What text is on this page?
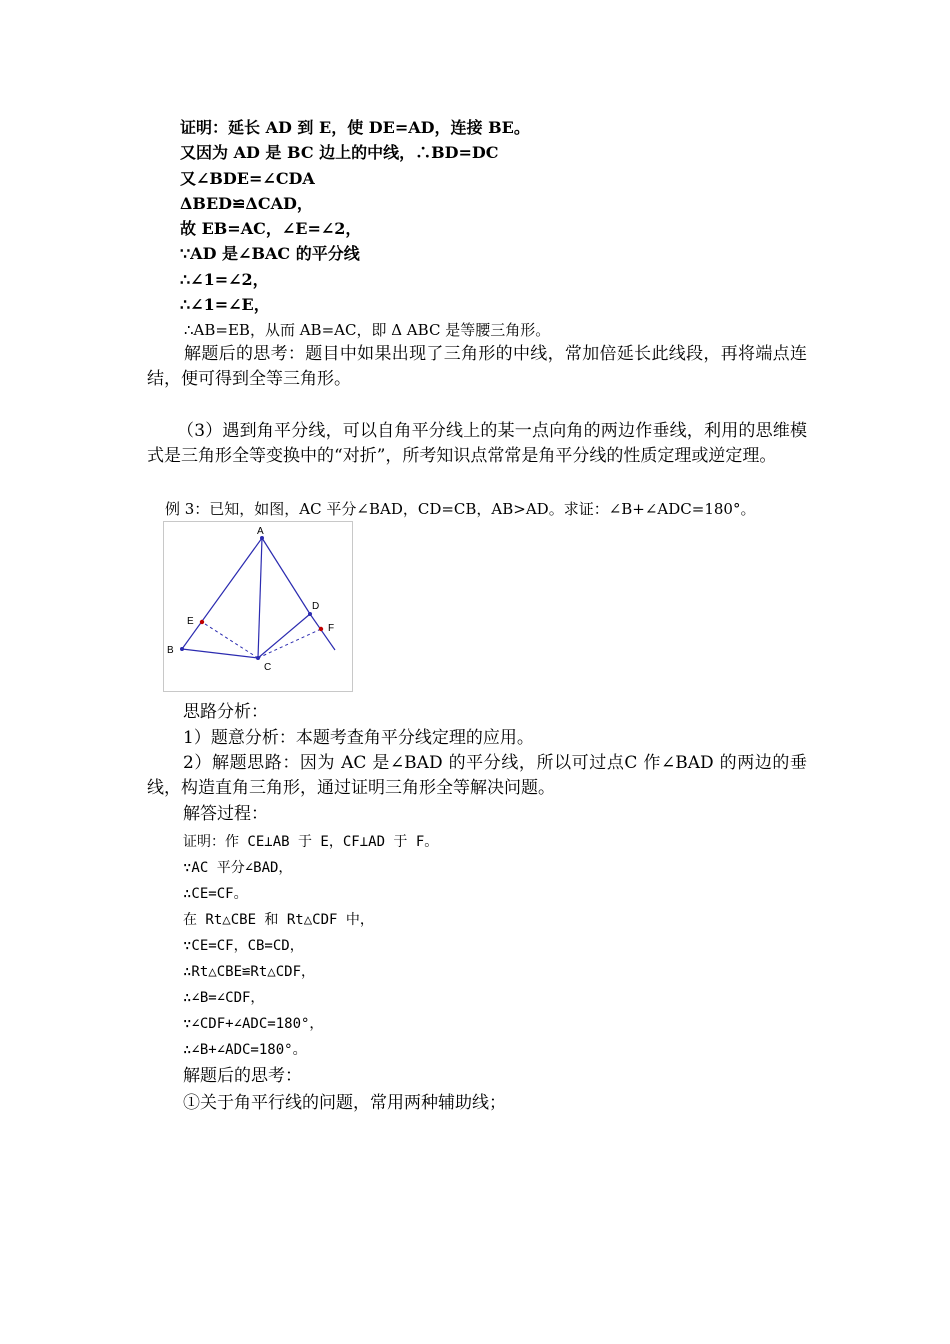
证明：延长 AD 到 E，使 DE=AD，连接 BE。
又因为 AD 是 BC 边上的中线，∴BD=DC
又∠BDE=∠CDA
ΔBED≌ΔCAD，
故 EB=AC，∠E=∠2，
∵AD 是∠BAC 的平分线
∴∠1=∠2，
∴∠1=∠E，
∴AB=EB，从而 AB=AC，即 Δ ABC 是等腰三角形。
解题后的思考：题目中如果出现了三角形的中线，常加倍延长此线段，再将端点连结，便可得到全等三角形。
（3）遇到角平分线，可以自角平分线上的某一点向角的两边作垂线，利用的思维模式是三角形全等变换中的“对折”，所考知识点常常是角平分线的性质定理或逆定理。
例 3：已知，如图，AC 平分∠BAD，CD=CB，AB>AD。求证：∠B+∠ADC=180°。
A
B
C
D
E
F
思路分析：
1）题意分析：本题考查角平分线定理的应用。
2）解题思路：因为 AC 是∠BAD 的平分线，所以可过点C 作∠BAD 的两边的垂线，构造直角三角形，通过证明三角形全等解决问题。
解答过程：
证明：作 CE⊥AB 于 E，CF⊥AD 于 F。
∵AC 平分∠BAD，
∴CE=CF。
在 Rt△CBE 和 Rt△CDF 中，
∵CE=CF，CB=CD，
∴Rt△CBE≌Rt△CDF，
∴∠B=∠CDF，
∵∠CDF+∠ADC=180°，
∴∠B+∠ADC=180°。
解题后的思考：
①关于角平行线的问题，常用两种辅助线；
